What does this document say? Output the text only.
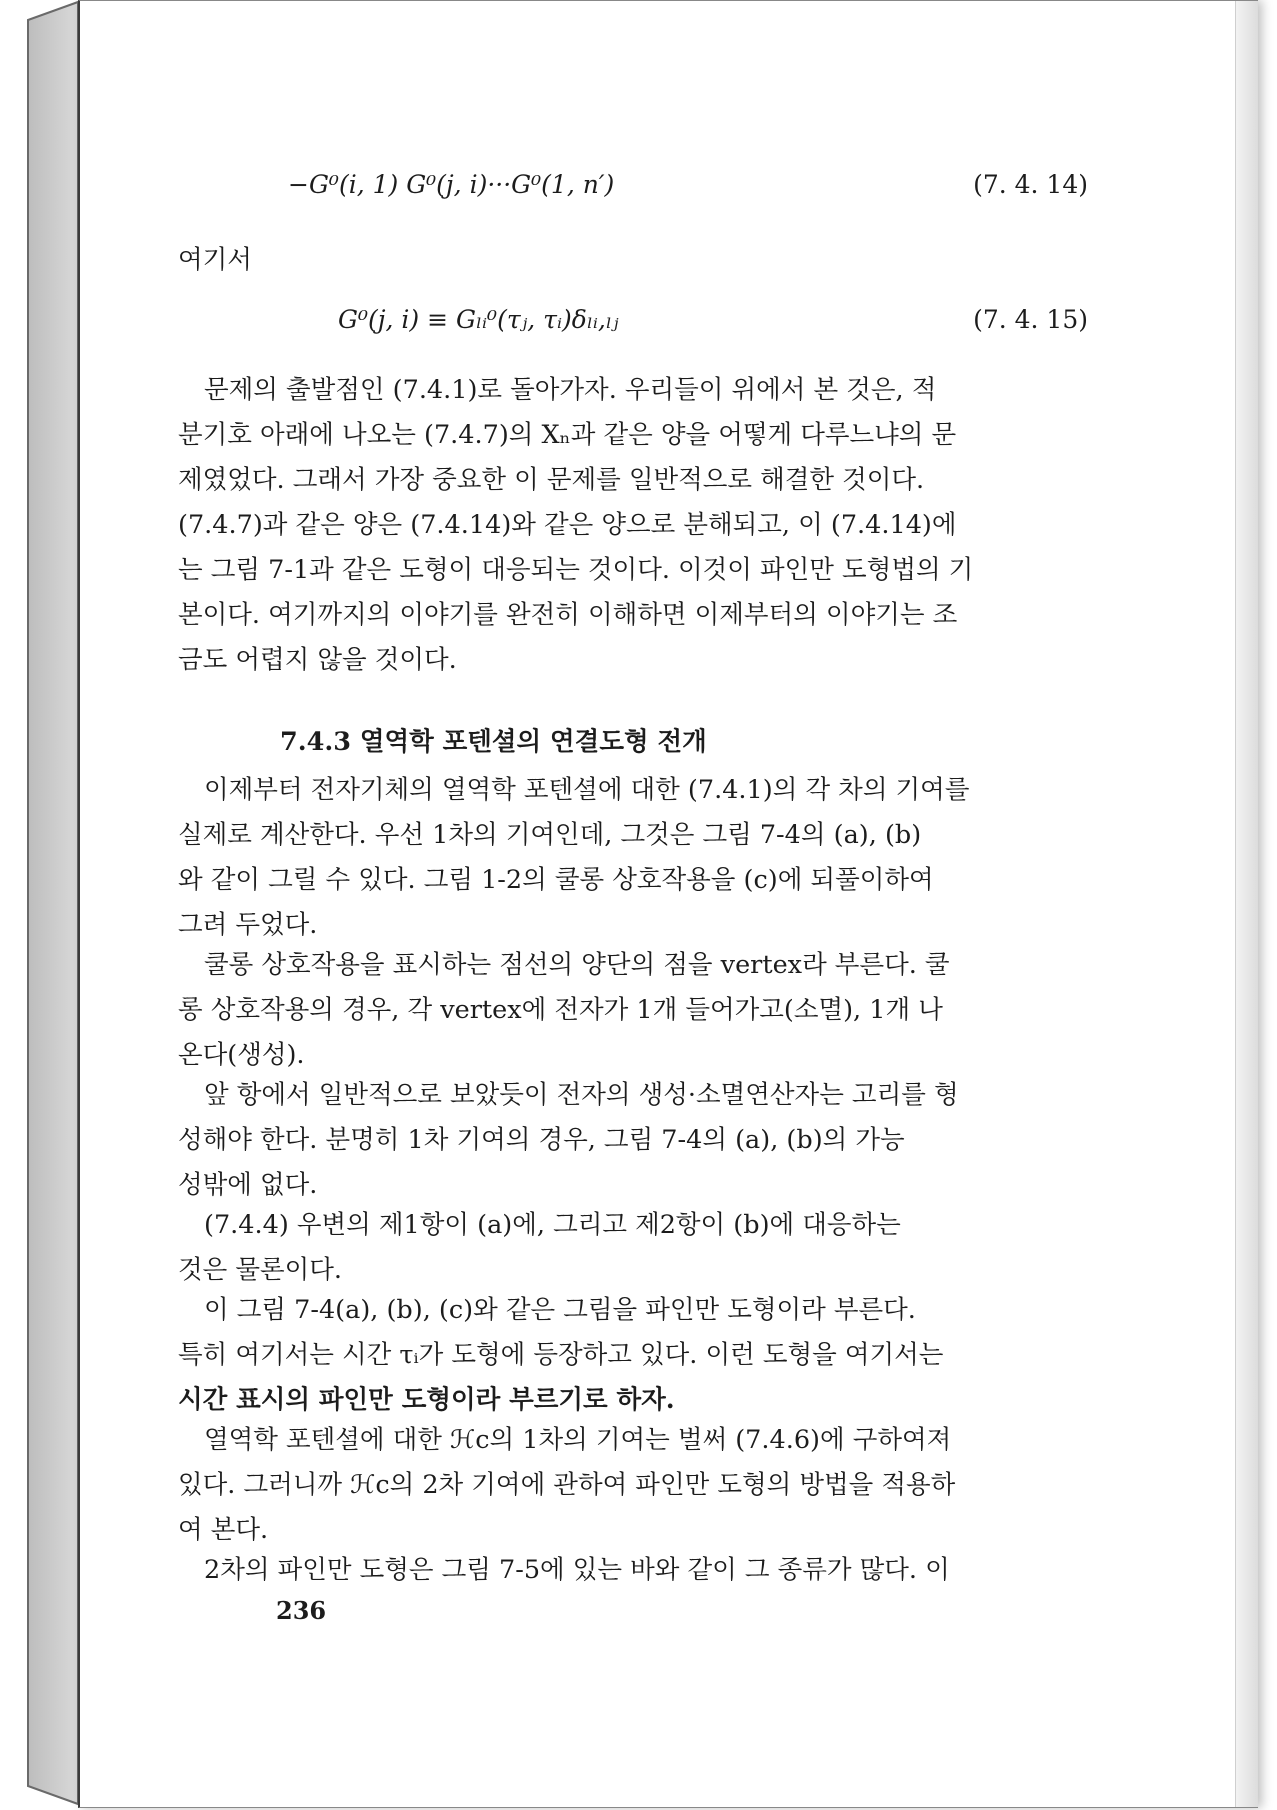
−G⁰(i, 1) G⁰(j, i)···G⁰(1, n′)	(7. 4. 14)
여기서
G⁰(j, i) ≡ Gₗᵢ⁰(τⱼ, τᵢ)δₗᵢ,ₗⱼ	(7. 4. 15)
문제의 출발점인 (7.4.1)로 돌아가자. 우리들이 위에서 본 것은, 적
분기호 아래에 나오는 (7.4.7)의 Xₙ과 같은 양을 어떻게 다루느냐의 문
제였었다. 그래서 가장 중요한 이 문제를 일반적으로 해결한 것이다.
(7.4.7)과 같은 양은 (7.4.14)와 같은 양으로 분해되고, 이 (7.4.14)에
는 그림 7-1과 같은 도형이 대응되는 것이다. 이것이 파인만 도형법의 기
본이다. 여기까지의 이야기를 완전히 이해하면 이제부터의 이야기는 조
금도 어렵지 않을 것이다.
7.4.3 열역학 포텐셜의 연결도형 전개
이제부터 전자기체의 열역학 포텐셜에 대한 (7.4.1)의 각 차의 기여를
실제로 계산한다. 우선 1차의 기여인데, 그것은 그림 7-4의 (a), (b)
와 같이 그릴 수 있다. 그림 1-2의 쿨롱 상호작용을 (c)에 되풀이하여
그려 두었다.
쿨롱 상호작용을 표시하는 점선의 양단의 점을 vertex라 부른다. 쿨
롱 상호작용의 경우, 각 vertex에 전자가 1개 들어가고(소멸), 1개 나
온다(생성).
앞 항에서 일반적으로 보았듯이 전자의 생성·소멸연산자는 고리를 형
성해야 한다. 분명히 1차 기여의 경우, 그림 7-4의 (a), (b)의 가능
성밖에 없다.
(7.4.4) 우변의 제1항이 (a)에, 그리고 제2항이 (b)에 대응하는
것은 물론이다.
이 그림 7-4(a), (b), (c)와 같은 그림을 파인만 도형이라 부른다.
특히 여기서는 시간 τᵢ가 도형에 등장하고 있다. 이런 도형을 여기서는
시간 표시의 파인만 도형이라 부르기로 하자.
열역학 포텐셜에 대한 ℋc의 1차의 기여는 벌써 (7.4.6)에 구하여져
있다. 그러니까 ℋc의 2차 기여에 관하여 파인만 도형의 방법을 적용하
여 본다.
2차의 파인만 도형은 그림 7-5에 있는 바와 같이 그 종류가 많다. 이
236
